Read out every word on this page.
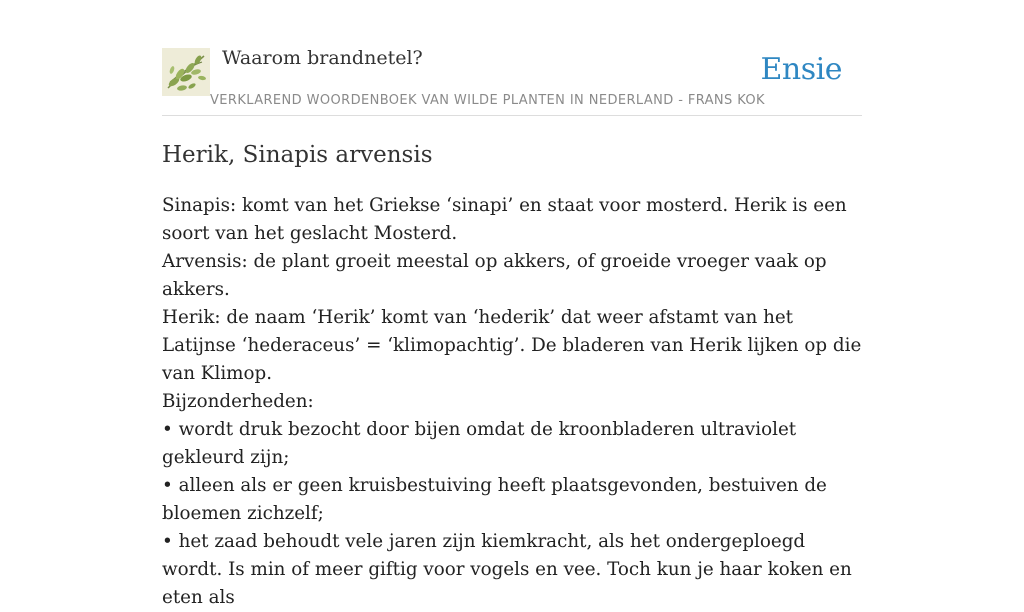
Waarom brandnetel?	Ensie
VERKLAREND WOORDENBOEK VAN WILDE PLANTEN IN NEDERLAND - FRANS KOK
Herik, Sinapis arvensis

Sinapis: komt van het Griekse ‘sinapi’ en staat voor mosterd. Herik is een soort van het geslacht Mosterd.

Arvensis: de plant groeit meestal op akkers, of groeide vroeger vaak op akkers.

Herik: de naam ‘Herik’ komt van ‘hederik’ dat weer afstamt van het Latijnse ‘hederaceus’ = ‘klimopachtig’. De bladeren van Herik lijken op die van Klimop.

Bijzonderheden:

• wordt druk bezocht door bijen omdat de kroonbladeren ultraviolet gekleurd zijn;

• alleen als er geen kruisbestuiving heeft plaatsgevonden, bestuiven de bloemen zichzelf;

• het zaad behoudt vele jaren zijn kiemkracht, als het ondergeploegd wordt. Is min of meer giftig voor vogels en vee. Toch kun je haar koken en eten als
